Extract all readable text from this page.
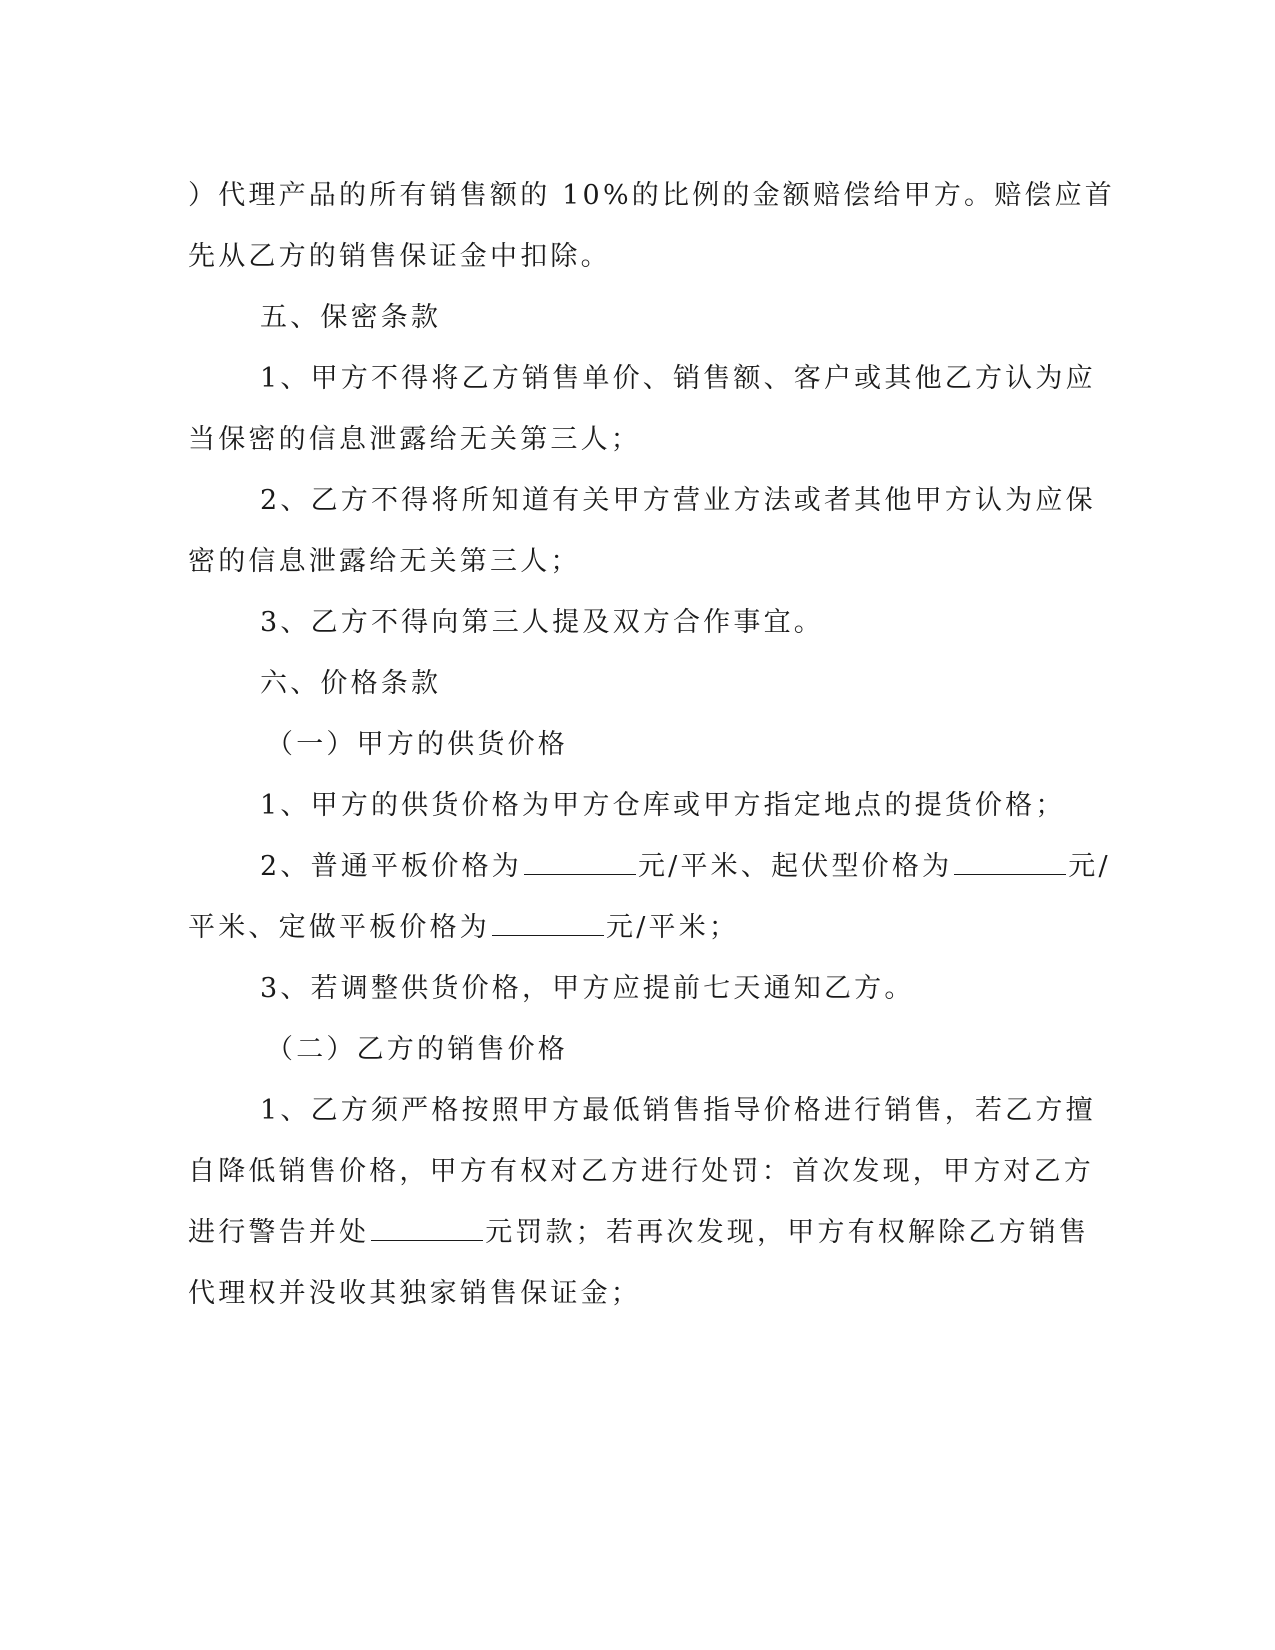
）代理产品的所有销售额的 10%的比例的金额赔偿给甲方。赔偿应首

先从乙方的销售保证金中扣除。

五、保密条款

1、甲方不得将乙方销售单价、销售额、客户或其他乙方认为应

当保密的信息泄露给无关第三人；

2、乙方不得将所知道有关甲方营业方法或者其他甲方认为应保

密的信息泄露给无关第三人；

3、乙方不得向第三人提及双方合作事宜。

六、价格条款

（一）甲方的供货价格

1、甲方的供货价格为甲方仓库或甲方指定地点的提货价格；

2、普通平板价格为	元/平米、起伏型价格为	元/

平米、定做平板价格为	元/平米；

3、若调整供货价格，甲方应提前七天通知乙方。

（二）乙方的销售价格

1、乙方须严格按照甲方最低销售指导价格进行销售，若乙方擅

自降低销售价格，甲方有权对乙方进行处罚：首次发现，甲方对乙方

进行警告并处	元罚款；若再次发现，甲方有权解除乙方销售

代理权并没收其独家销售保证金；
